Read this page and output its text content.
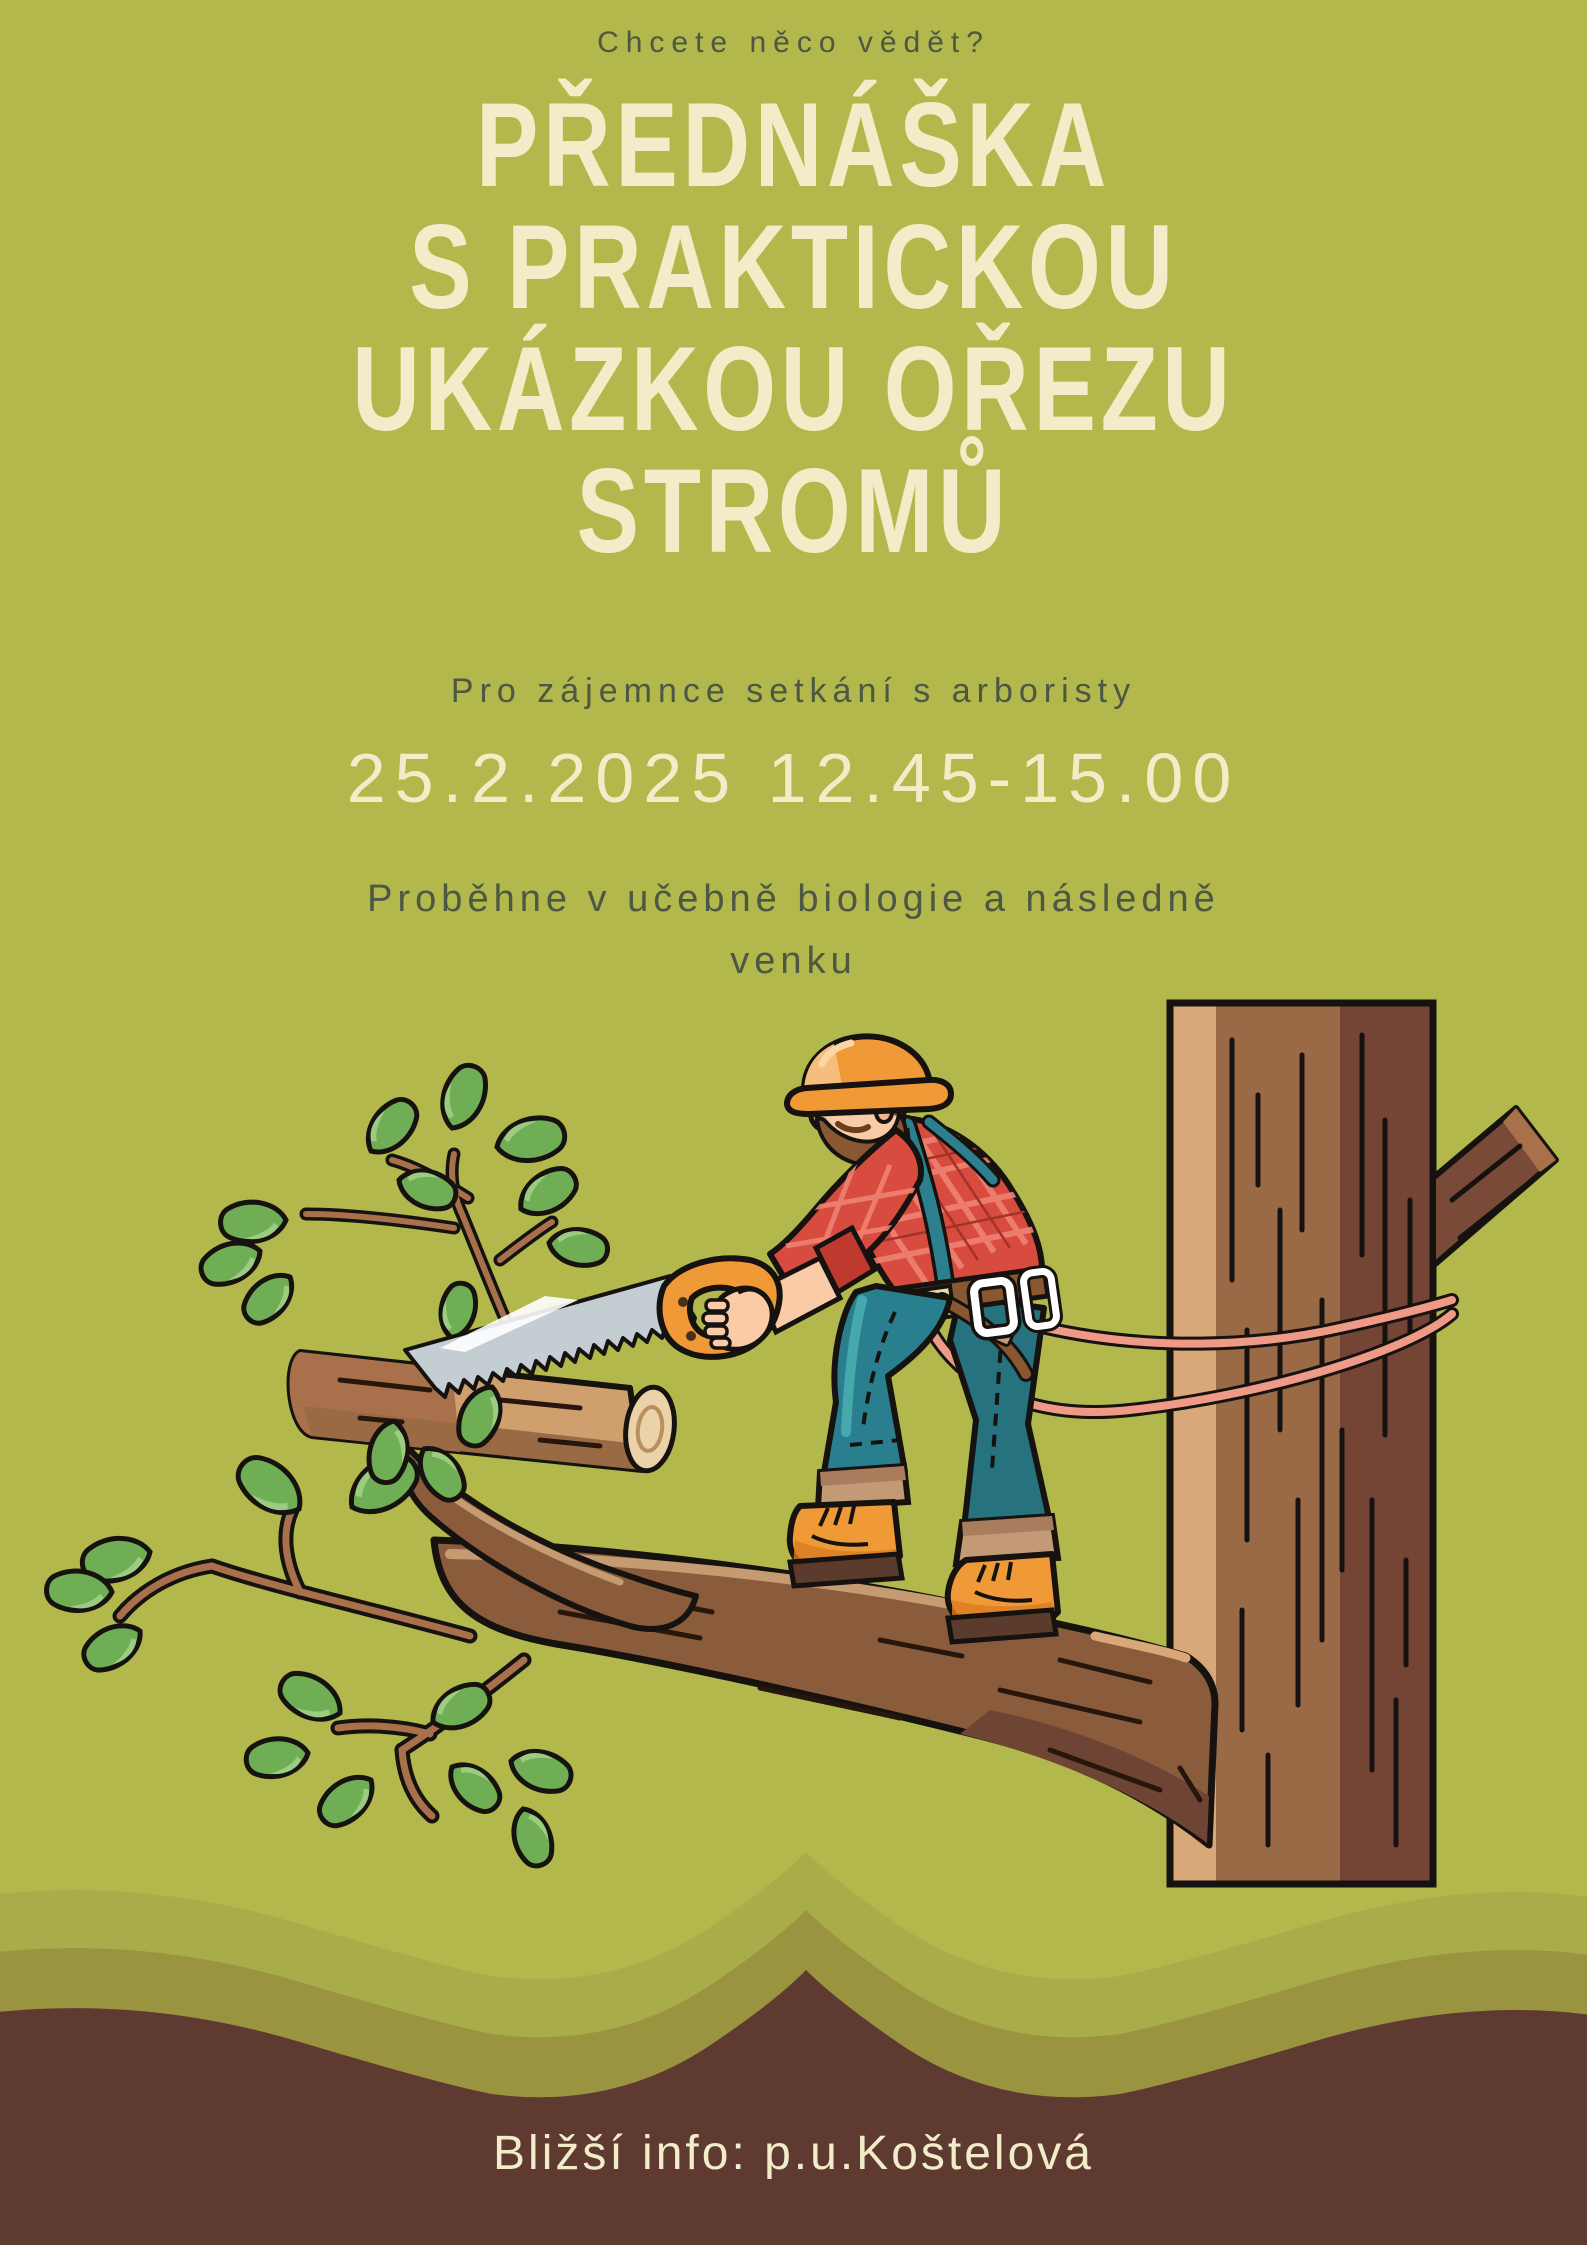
Chcete něco vědět?
PŘEDNÁŠKA
S PRAKTICKOU
UKÁZKOU OŘEZU
STROMŮ
Pro zájemnce setkání s arboristy
25.2.2025 12.45-15.00
Proběhne v učebně biologie a následně
venku
Bližší info: p.u.Koštelová
